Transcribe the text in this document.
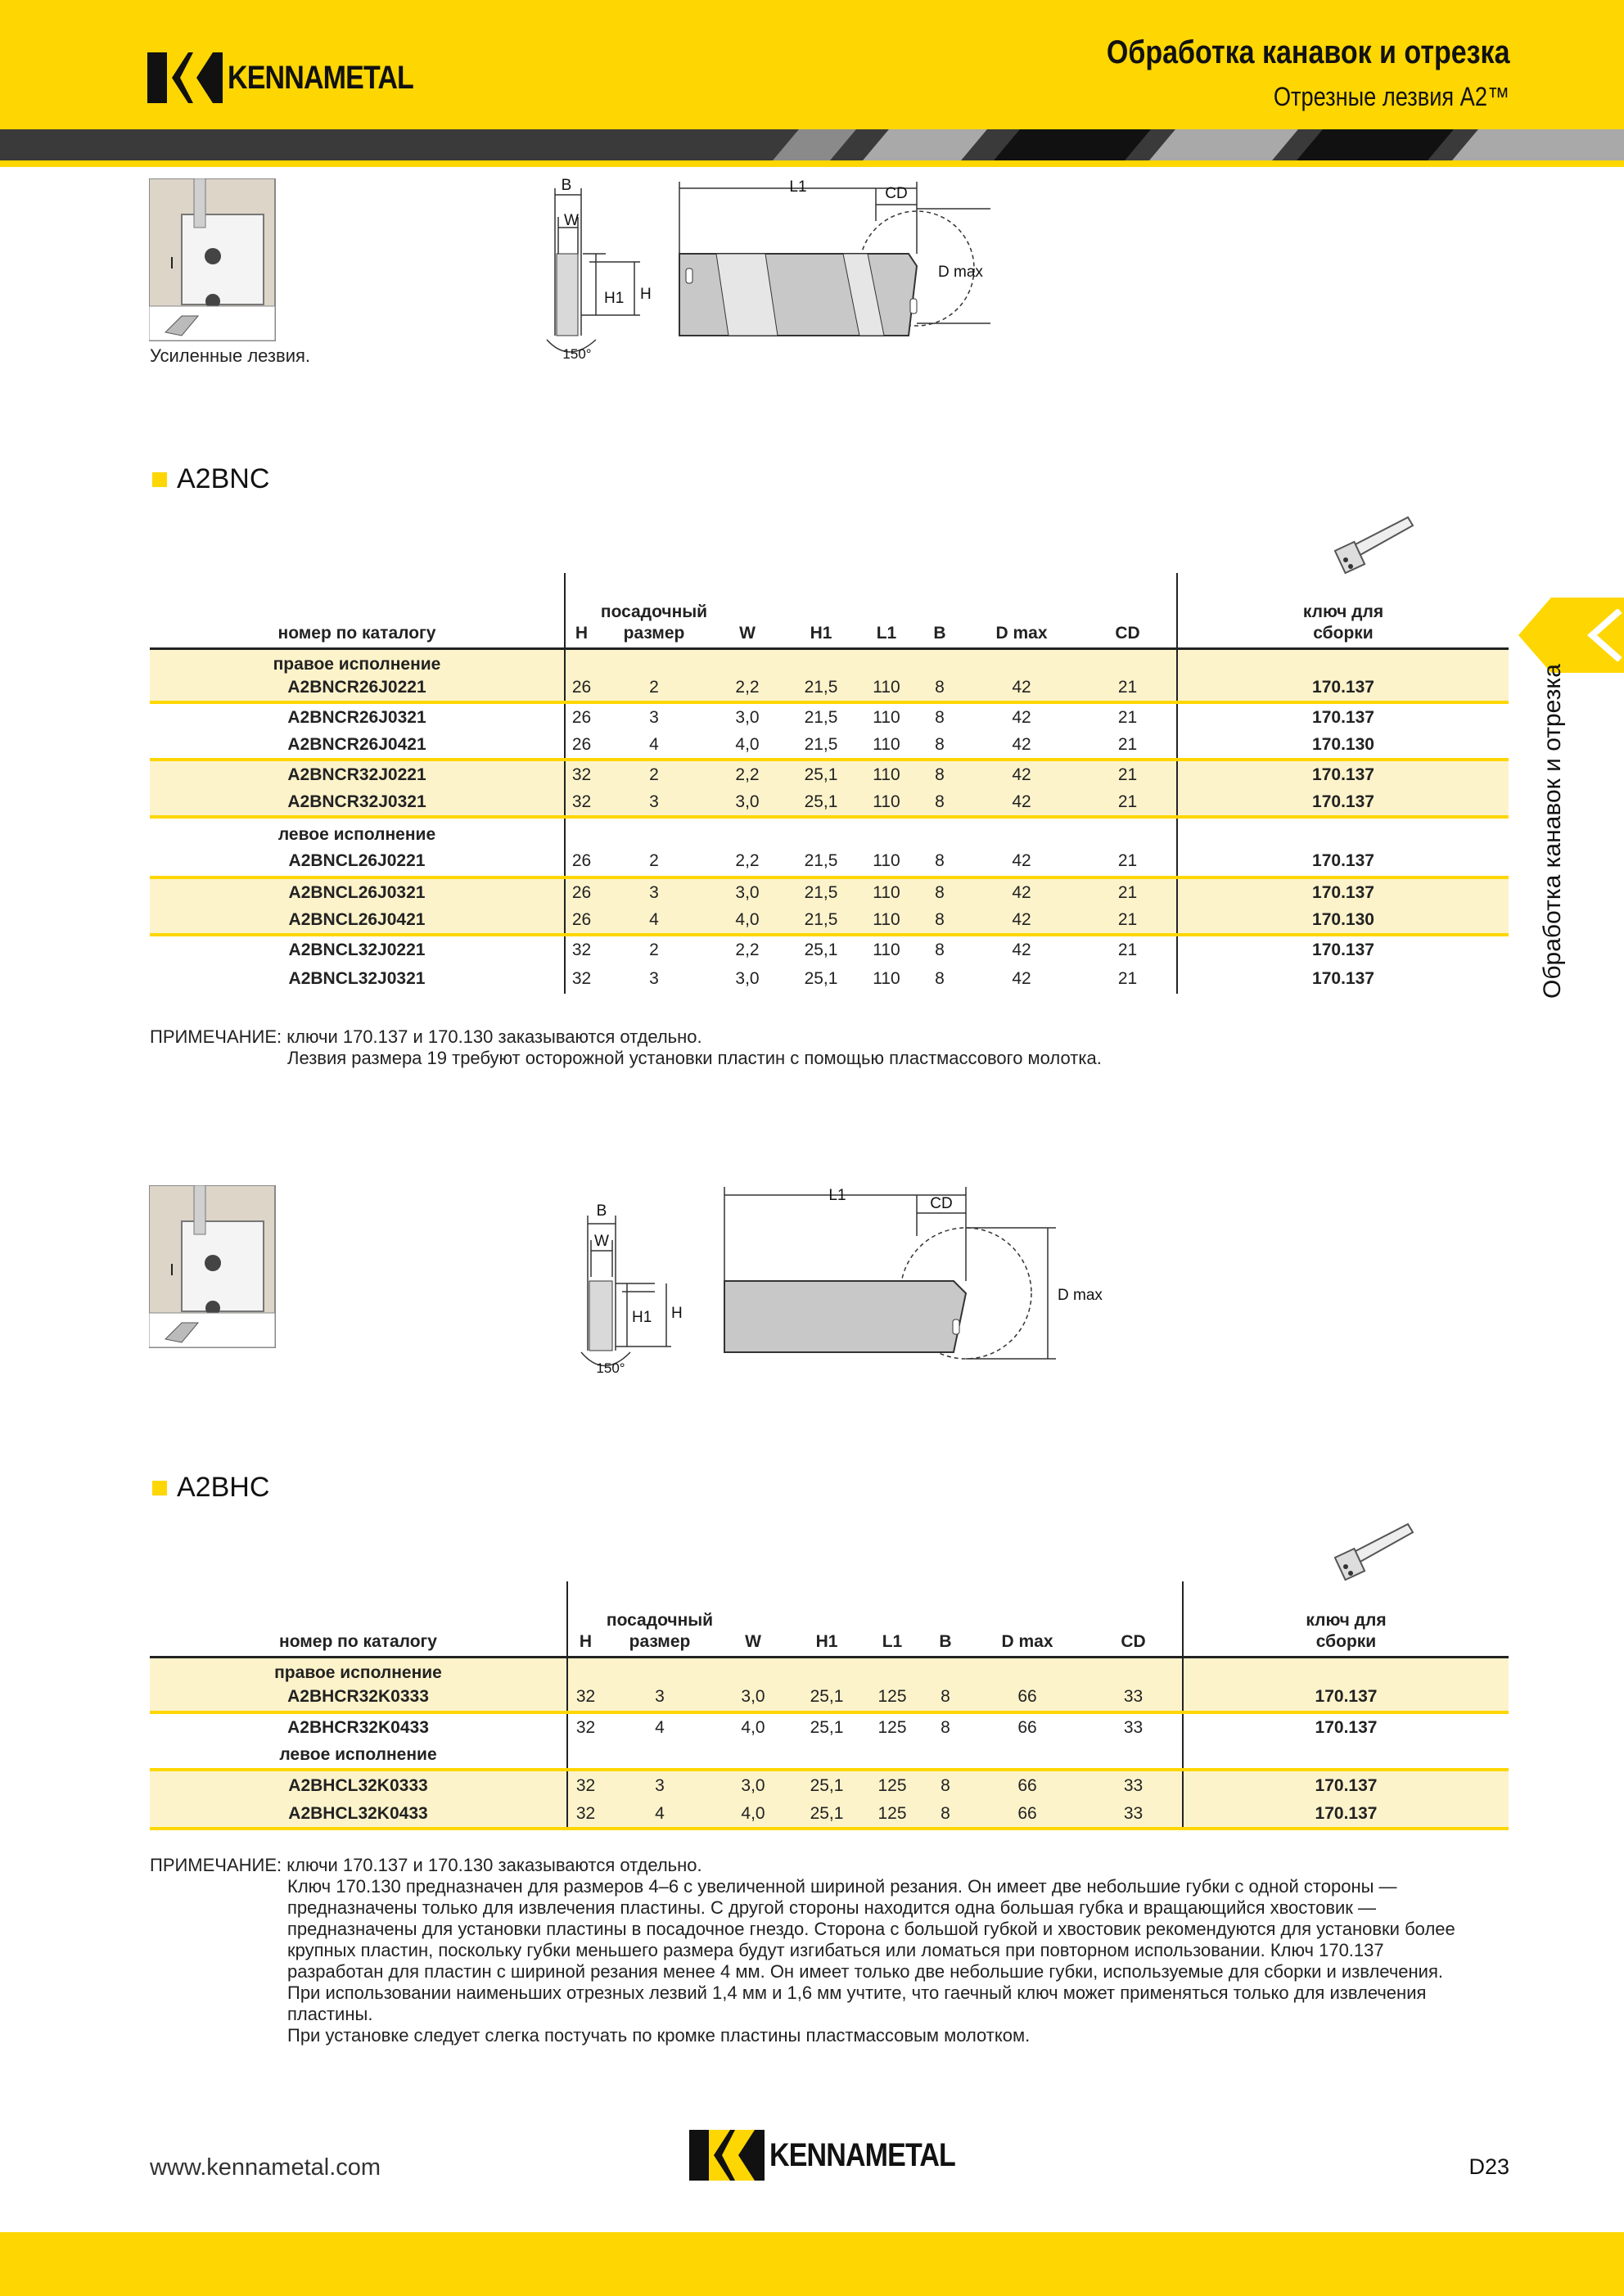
KENNAMETAL
Обработка канавок и отрезка
Отрезные лезвия A2™
Обработка канавок и отрезка
Усиленные лезвия.
B
W
H1 H
150°
L1	CD
D max
A2BNC
номер по каталогу	H	посадочный
размер	W	H1	L1	B	D max	CD	ключ для
сборки
правое исполнение									
A2BNCR26J0221	26	2	2,2	21,5	110	8	42	21	170.137
A2BNCR26J0321	26	3	3,0	21,5	110	8	42	21	170.137
A2BNCR26J0421	26	4	4,0	21,5	110	8	42	21	170.130
A2BNCR32J0221	32	2	2,2	25,1	110	8	42	21	170.137
A2BNCR32J0321	32	3	3,0	25,1	110	8	42	21	170.137
левое исполнение									
A2BNCL26J0221	26	2	2,2	21,5	110	8	42	21	170.137
A2BNCL26J0321	26	3	3,0	21,5	110	8	42	21	170.137
A2BNCL26J0421	26	4	4,0	21,5	110	8	42	21	170.130
A2BNCL32J0221	32	2	2,2	25,1	110	8	42	21	170.137
A2BNCL32J0321	32	3	3,0	25,1	110	8	42	21	170.137
ПРИМЕЧАНИЕ: ключи 170.137 и 170.130 заказываются отдельно.
Лезвия размера 19 требуют осторожной установки пластин с помощью пластмассового молотка.
B
W
H1 H
150°
L1	CD
D max
A2BHC
номер по каталогу	H	посадочный
размер	W	H1	L1	B	D max	CD	ключ для
сборки
правое исполнение									
A2BHCR32K0333	32	3	3,0	25,1	125	8	66	33	170.137
A2BHCR32K0433	32	4	4,0	25,1	125	8	66	33	170.137
левое исполнение									
A2BHCL32K0333	32	3	3,0	25,1	125	8	66	33	170.137
A2BHCL32K0433	32	4	4,0	25,1	125	8	66	33	170.137
ПРИМЕЧАНИЕ: ключи 170.137 и 170.130 заказываются отдельно.
Ключ 170.130 предназначен для размеров 4–6 с увеличенной шириной резания. Он имеет две небольшие губки с одной стороны —
предназначены только для извлечения пластины. С другой стороны находится одна большая губка и вращающийся хвостовик —
предназначены для установки пластины в посадочное гнездо. Сторона с большой губкой и хвостовик рекомендуются для установки более
крупных пластин, поскольку губки меньшего размера будут изгибаться или ломаться при повторном использовании. Ключ 170.137
разработан для пластин с шириной резания менее 4 мм. Он имеет только две небольшие губки, используемые для сборки и извлечения.
При использовании наименьших отрезных лезвий 1,4 мм и 1,6 мм учтите, что гаечный ключ может применяться только для извлечения
пластины.
При установке следует слегка постучать по кромке пластины пластмассовым молотком.
www.kennametal.com	KENNAMETAL	D23
